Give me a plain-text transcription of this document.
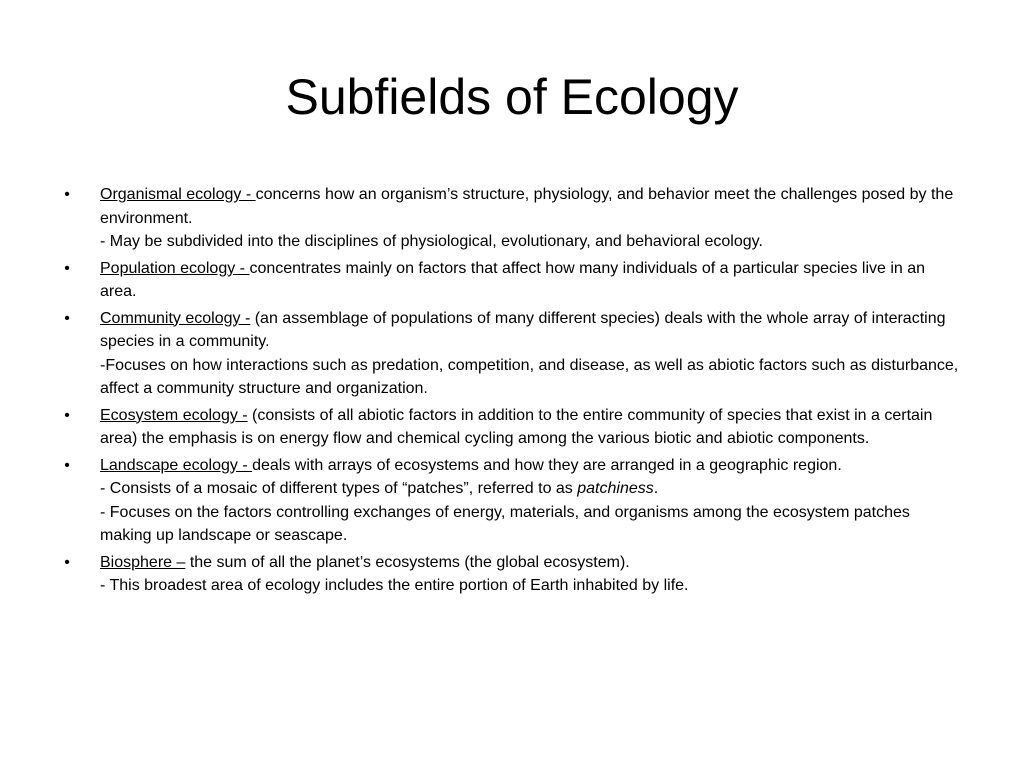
Subfields of Ecology
• Organismal ecology - concerns how an organism’s structure, physiology, and behavior meet the challenges posed by the environment.
- May be subdivided into the disciplines of physiological, evolutionary, and behavioral ecology.
• Population ecology - concentrates mainly on factors that affect how many individuals of a particular species live in an area.
• Community ecology - (an assemblage of populations of many different species) deals with the whole array of interacting species in a community.
-Focuses on how interactions such as predation, competition, and disease, as well as abiotic factors such as disturbance, affect a community structure and organization.
• Ecosystem ecology - (consists of all abiotic factors in addition to the entire community of species that exist in a certain area) the emphasis is on energy flow and chemical cycling among the various biotic and abiotic components.
• Landscape ecology - deals with arrays of ecosystems and how they are arranged in a geographic region.
- Consists of a mosaic of different types of “patches”, referred to as patchiness.
- Focuses on the factors controlling exchanges of energy, materials, and organisms among the ecosystem patches making up landscape or seascape.
• Biosphere – the sum of all the planet’s ecosystems (the global ecosystem).
- This broadest area of ecology includes the entire portion of Earth inhabited by life.
